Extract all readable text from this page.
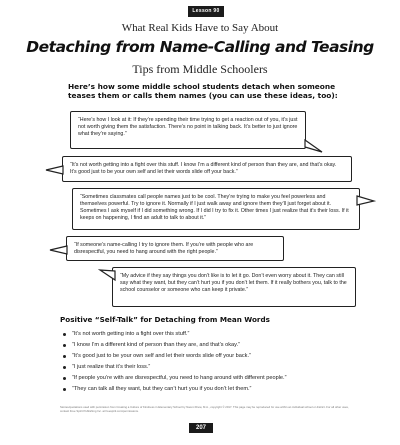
Lesson 90
What Real Kids Have to Say About
Detaching from Name-Calling and Teasing
Tips from Middle Schoolers
Here’s how some middle school students detach when someone teases them or calls them names (you can use these ideas, too):
“Here’s how I look at it: If they’re spending their time trying to get a reaction out of you, it’s just not worth giving them the satisfaction. There’s no point in talking back. It’s better to just ignore what they’re saying.”
“It’s not worth getting into a fight over this stuff. I know I’m a different kind of person than they are, and that’s okay. It’s good just to be your own self and let their words slide off your back.”
“Sometimes classmates call people names just to be cool. They’re trying to make you feel powerless and themselves powerful. Try to ignore it. Normally if I just walk away and ignore them they’ll just forget about it. Sometimes I ask myself if I did something wrong. If I did I try to fix it. Other times I just realize that it’s their loss. If it keeps on happening, I find an adult to talk to about it.”
“If someone’s name-calling I try to ignore them. If you’re with people who are disrespectful, you need to hang around with the right people.”
“My advice if they say things you don’t like is to let it go. Don’t even worry about it. They can still say what they want, but they can’t hurt you if you don’t let them. If it really bothers you, talk to the school counselor or someone who can keep it private.”
Positive “Self-Talk” for Detaching from Mean Words
“It’s not worth getting into a fight over this stuff.”
“I know I’m a different kind of person than they are, and that’s okay.”
“It’s good just to be your own self and let their words slide off your back.”
“I just realize that it’s their loss.”
“If people you’re with are disrespectful, you need to hang around with different people.”
“They can talk all they want, but they can’t hurt you if you don’t let them.”
Stories/quotations used with permission from Creating a Culture of Kindness in Elementary School by Naomi Drew, M.A., copyright © 2017. This page may be reproduced for use within an individual school or district. For all other uses, contact Free Spirit Publishing Inc. at freespirit.com/permissions.
207
